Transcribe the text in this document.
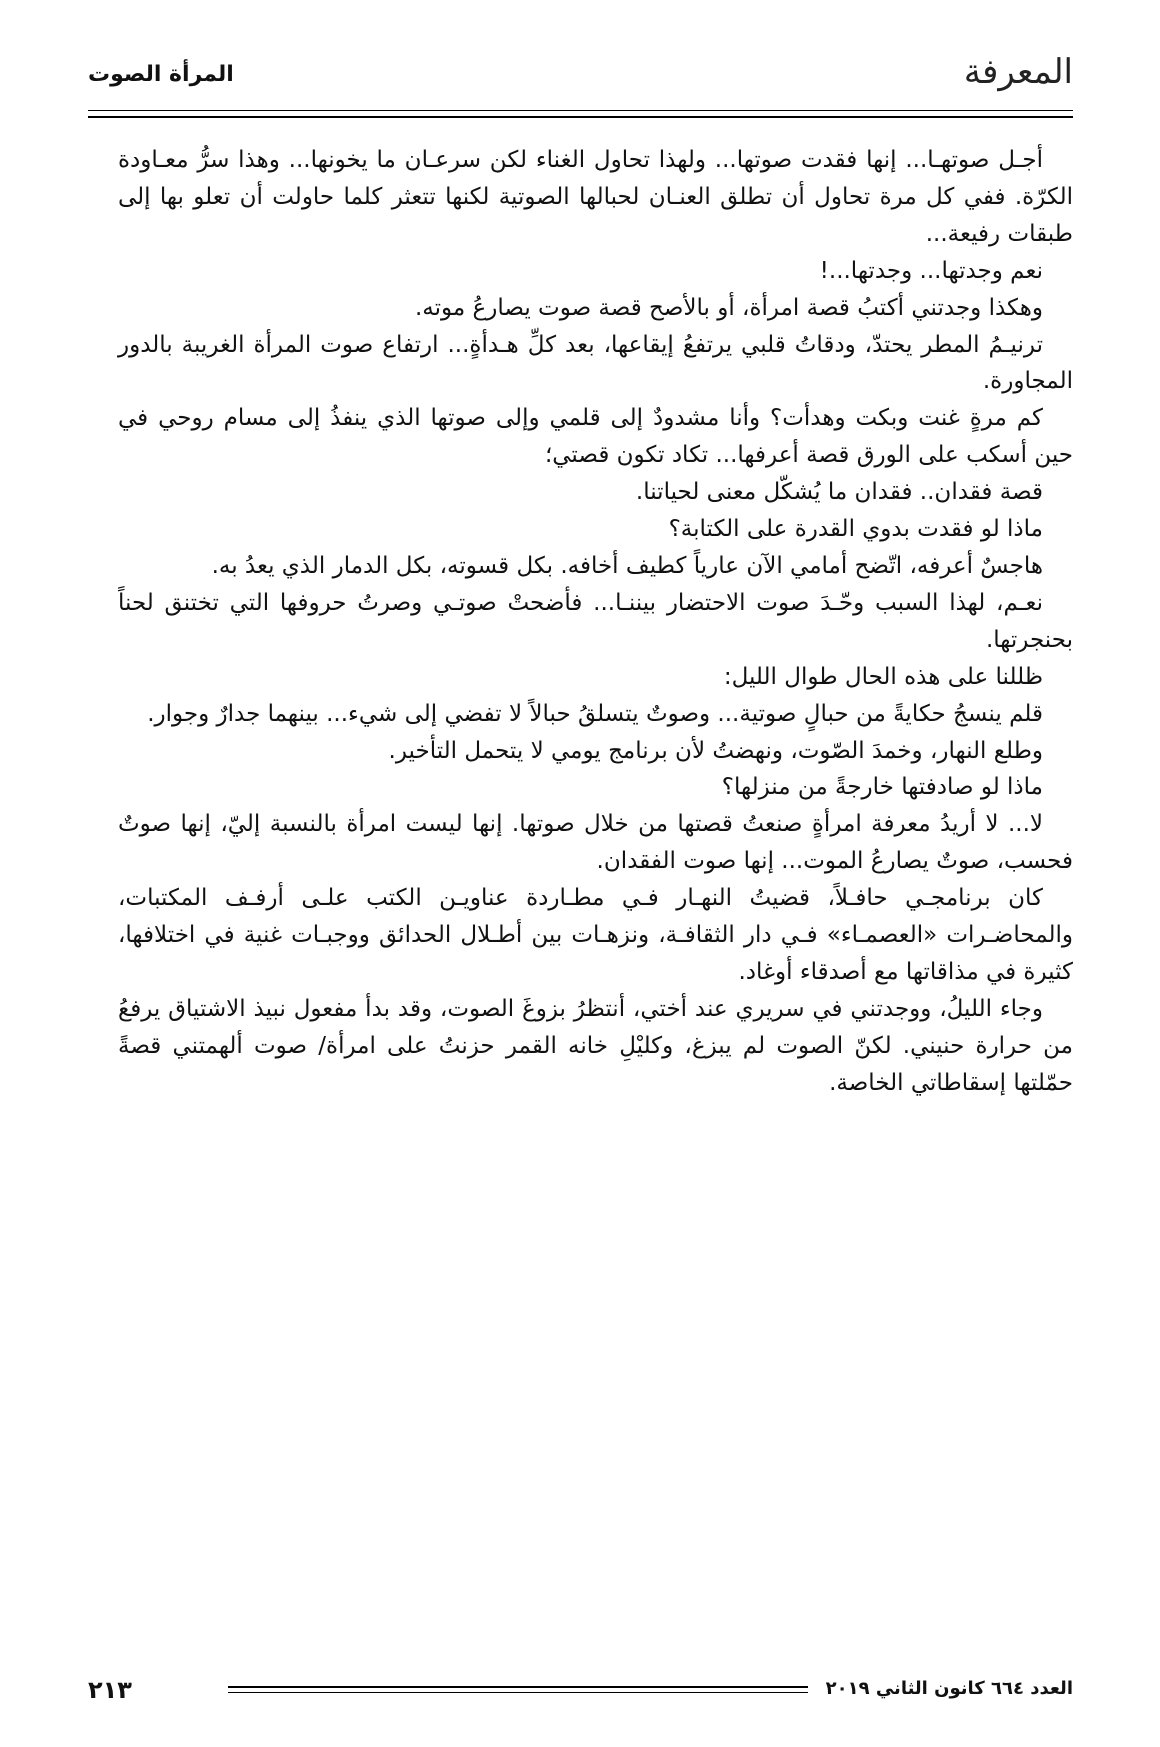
المرأة الصوت	المعرفة

أجـل صوتهـا... إنها فقدت صوتها... ولهذا تحاول الغناء لكن سرعـان ما يخونها... وهذا سرُّ معـاودة الكرّة. ففي كل مرة تحاول أن تطلق العنـان لحبالها الصوتية لكنها تتعثر كلما حاولت أن تعلو بها إلى طبقات رفيعة...

نعم وجدتها... وجدتها...!

وهكذا وجدتني أكتبُ قصة امرأة، أو بالأصح قصة صوت يصارعُ موته.

ترنيـمُ المطر يحتدّ، ودقاتُ قلبي يرتفعُ إيقاعها، بعد كلِّ هـدأةٍ... ارتفاع صوت المرأة الغريبة بالدور المجاورة.

كم مرةٍ غنت وبكت وهدأت؟ وأنا مشدودٌ إلى قلمي وإلى صوتها الذي ينفذُ إلى مسام روحي في حين أسكب على الورق قصة أعرفها... تكاد تكون قصتي؛

قصة فقدان.. فقدان ما يُشكّل معنى لحياتنا.

ماذا لو فقدت بدوي القدرة على الكتابة؟

هاجسٌ أعرفه، اتّضح أمامي الآن عارياً كطيف أخافه. بكل قسوته، بكل الدمار الذي يعدُ به.

نعـم، لهذا السبب وحّـدَ صوت الاحتضار بيننـا... فأضحتْ صوتـي وصرتُ حروفها التي تختنق لحناً بحنجرتها.

ظللنا على هذه الحال طوال الليل:

قلم ينسجُ حكايةً من حبالٍ صوتية... وصوتٌ يتسلقُ حبالاً لا تفضي إلى شيء... بينهما جدارٌ وجوار.

وطلع النهار، وخمدَ الصّوت، ونهضتُ لأن برنامج يومي لا يتحمل التأخير.

ماذا لو صادفتها خارجةً من منزلها؟

لا... لا أريدُ معرفة امرأةٍ صنعتُ قصتها من خلال صوتها. إنها ليست امرأة بالنسبة إليّ، إنها صوتٌ فحسب، صوتٌ يصارعُ الموت... إنها صوت الفقدان.

كان برنامجـي حافـلاً، قضيتُ النهـار فـي مطـاردة عناويـن الكتب علـى أرفـف المكتبات، والمحاضـرات «العصمـاء» فـي دار الثقافـة، ونزهـات بين أطـلال الحدائق ووجبـات غنية في اختلافها، كثيرة في مذاقاتها مع أصدقاء أوغاد.

وجاء الليلُ، ووجدتني في سريري عند أختي، أنتظرُ بزوغَ الصوت، وقد بدأ مفعول نبيذ الاشتياق يرفعُ من حرارة حنيني. لكنّ الصوت لم يبزغ، وكليْلِ خانه القمر حزنتُ على امرأة/ صوت ألهمتني قصةً حمّلتها إسقاطاتي الخاصة.

٢١٣	العدد ٦٦٤ كانون الثاني ٢٠١٩
